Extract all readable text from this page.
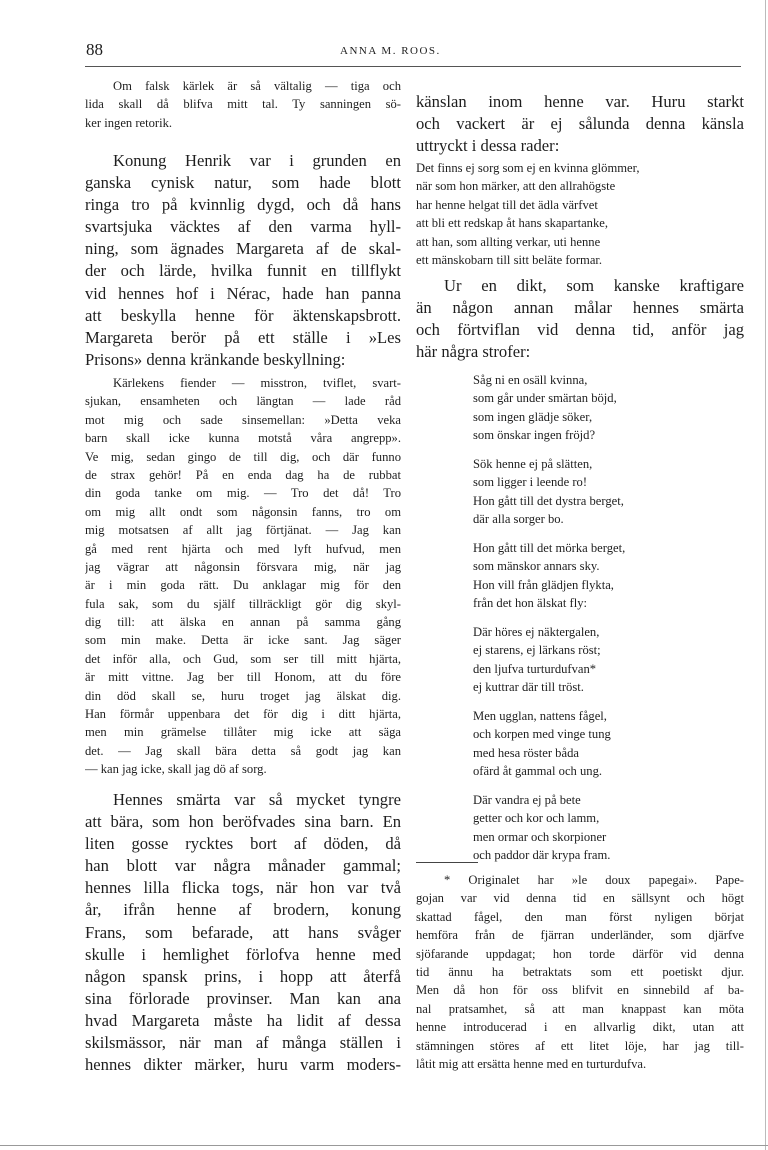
88	ANNA M. ROOS.
Om falsk kärlek är så vältalig — tiga och
lida skall då blifva mitt tal. Ty sanningen sö-
ker ingen retorik.
Konung Henrik var i grunden en
ganska cynisk natur, som hade blott
ringa tro på kvinnlig dygd, och då hans
svartsjuka väcktes af den varma hyll-
ning, som ägnades Margareta af de skal-
der och lärde, hvilka funnit en tillflykt
vid hennes hof i Nérac, hade han panna
att beskylla henne för äktenskapsbrott.
Margareta berör på ett ställe i »Les
Prisons» denna kränkande beskyllning:
Kärlekens fiender — misstron, tviflet, svart-
sjukan, ensamheten och längtan — lade råd
mot mig och sade sinsemellan: »Detta veka
barn skall icke kunna motstå våra angrepp».
Ve mig, sedan gingo de till dig, och där funno
de strax gehör! På en enda dag ha de rubbat
din goda tanke om mig. — Tro det då! Tro
om mig allt ondt som någonsin fanns, tro om
mig motsatsen af allt jag förtjänat. — Jag kan
gå med rent hjärta och med lyft hufvud, men
jag vägrar att någonsin försvara mig, när jag
är i min goda rätt. Du anklagar mig för den
fula sak, som du själf tillräckligt gör dig skyl-
dig till: att älska en annan på samma gång
som min make. Detta är icke sant. Jag säger
det inför alla, och Gud, som ser till mitt hjärta,
är mitt vittne. Jag ber till Honom, att du före
din död skall se, huru troget jag älskat dig.
Han förmår uppenbara det för dig i ditt hjärta,
men min grämelse tillåter mig icke att säga
det. — Jag skall bära detta så godt jag kan
— kan jag icke, skall jag dö af sorg.
Hennes smärta var så mycket tyngre
att bära, som hon beröfvades sina barn. En
liten gosse rycktes bort af döden, då
han blott var några månader gammal;
hennes lilla flicka togs, när hon var två
år, ifrån henne af brodern, konung
Frans, som befarade, att hans svåger
skulle i hemlighet förlofva henne med
någon spansk prins, i hopp att återfå
sina förlorade provinser. Man kan ana
hvad Margareta måste ha lidit af dessa
skilsmässor, när man af många ställen i
hennes dikter märker, huru varm moders-
känslan inom henne var. Huru starkt
och vackert är ej sålunda denna känsla
uttryckt i dessa rader:
Det finns ej sorg som ej en kvinna glömmer,
när som hon märker, att den allrahögste
har henne helgat till det ädla värfvet
att bli ett redskap åt hans skapartanke,
att han, som allting verkar, uti henne
ett mänskobarn till sitt beläte formar.
Ur en dikt, som kanske kraftigare
än någon annan målar hennes smärta
och förtviflan vid denna tid, anför jag
här några strofer:
Såg ni en osäll kvinna,
som går under smärtan böjd,
som ingen glädje söker,
som önskar ingen fröjd?
Sök henne ej på slätten,
som ligger i leende ro!
Hon gått till det dystra berget,
där alla sorger bo.
Hon gått till det mörka berget,
som mänskor annars sky.
Hon vill från glädjen flykta,
från det hon älskat fly:
Där höres ej näktergalen,
ej starens, ej lärkans röst;
den ljufva turturdufvan*
ej kuttrar där till tröst.
Men ugglan, nattens fågel,
och korpen med vinge tung
med hesa röster båda
ofärd åt gammal och ung.
Där vandra ej på bete
getter och kor och lamm,
men ormar och skorpioner
och paddor där krypa fram.
* Originalet har »le doux papegai». Pape-
gojan var vid denna tid en sällsynt och högt
skattad fågel, den man först nyligen börjat
hemföra från de fjärran underländer, som djärfve
sjöfarande uppdagat; hon torde därför vid denna
tid ännu ha betraktats som ett poetiskt djur.
Men då hon för oss blifvit en sinnebild af ba-
nal pratsamhet, så att man knappast kan möta
henne introducerad i en allvarlig dikt, utan att
stämningen störes af ett litet löje, har jag till-
låtit mig att ersätta henne med en turturdufva.
